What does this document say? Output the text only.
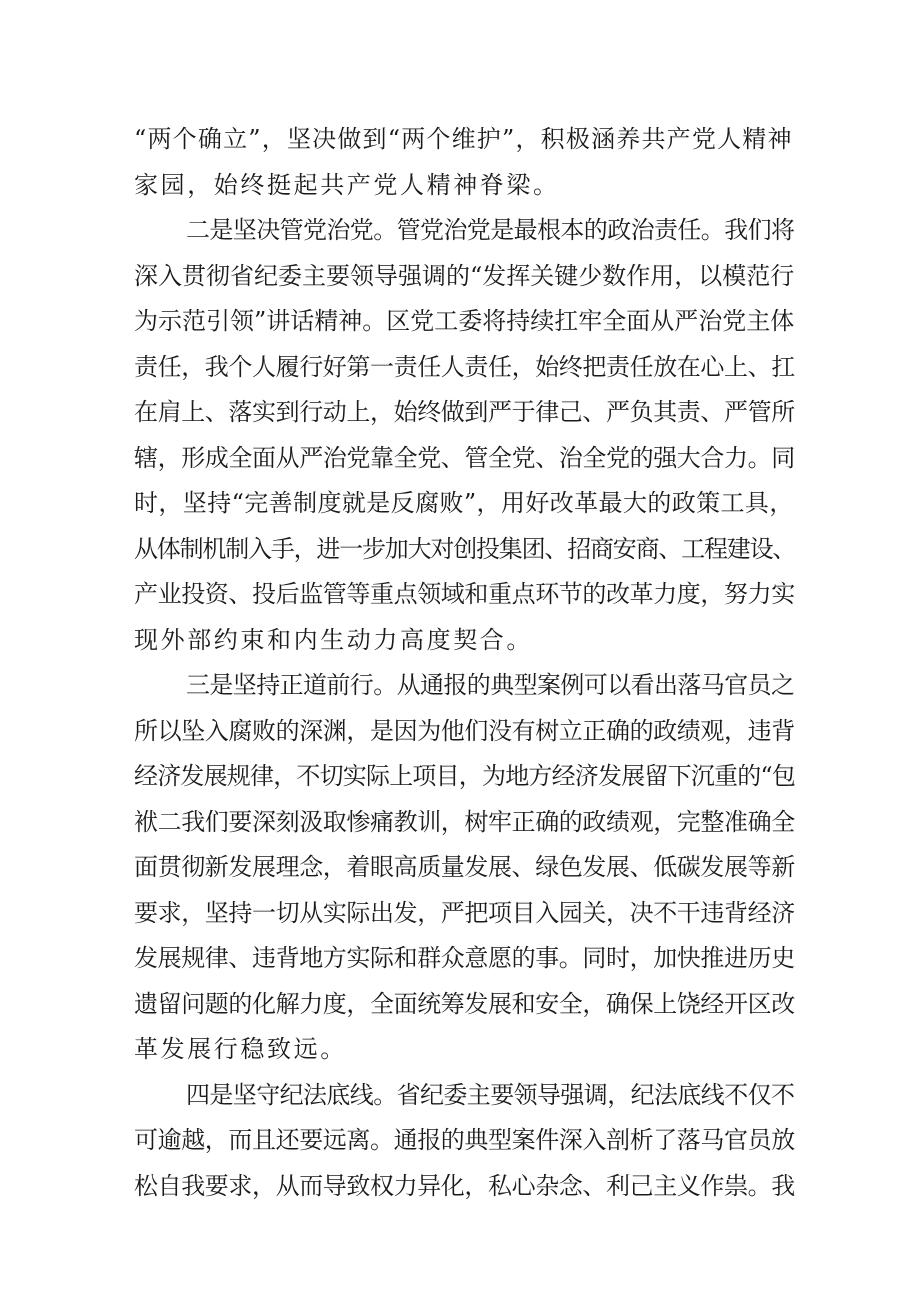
“两个确立”，坚决做到“两个维护”，积极涵养共产党人精神
家园，始终挺起共产党人精神脊梁。
二是坚决管党治党。管党治党是最根本的政治责任。我们将
深入贯彻省纪委主要领导强调的“发挥关键少数作用，以模范行
为示范引领”讲话精神。区党工委将持续扛牢全面从严治党主体
责任，我个人履行好第一责任人责任，始终把责任放在心上、扛
在肩上、落实到行动上，始终做到严于律己、严负其责、严管所
辖，形成全面从严治党靠全党、管全党、治全党的强大合力。同
时，坚持“完善制度就是反腐败”，用好改革最大的政策工具，
从体制机制入手，进一步加大对创投集团、招商安商、工程建设、
产业投资、投后监管等重点领域和重点环节的改革力度，努力实
现外部约束和内生动力高度契合。
三是坚持正道前行。从通报的典型案例可以看出落马官员之
所以坠入腐败的深渊，是因为他们没有树立正确的政绩观，违背
经济发展规律，不切实际上项目，为地方经济发展留下沉重的“包
袱二我们要深刻汲取惨痛教训，树牢正确的政绩观，完整准确全
面贯彻新发展理念，着眼高质量发展、绿色发展、低碳发展等新
要求，坚持一切从实际出发，严把项目入园关，决不干违背经济
发展规律、违背地方实际和群众意愿的事。同时，加快推进历史
遗留问题的化解力度，全面统筹发展和安全，确保上饶经开区改
革发展行稳致远。
四是坚守纪法底线。省纪委主要领导强调，纪法底线不仅不
可逾越，而且还要远离。通报的典型案件深入剖析了落马官员放
松自我要求，从而导致权力异化，私心杂念、利己主义作祟。我
